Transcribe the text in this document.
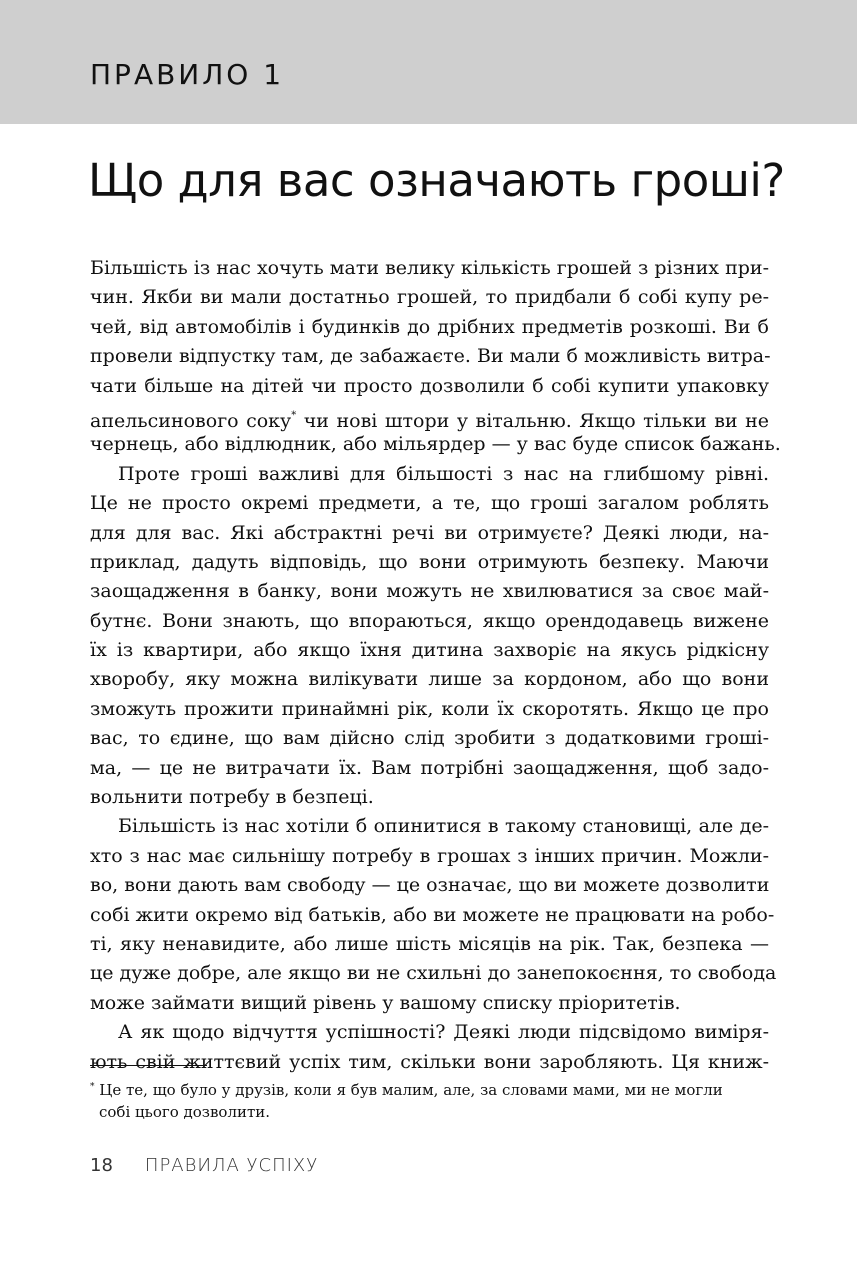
ПРАВИЛО 1
Що для вас означають гроші?
Більшість із нас хочуть мати велику кількість грошей з різних при-
чин. Якби ви мали достатньо грошей, то придбали б собі купу ре-
чей, від автомобілів і будинків до дрібних предметів розкоші. Ви б
провели відпустку там, де забажаєте. Ви мали б можливість витра-
чати більше на дітей чи просто дозволили б собі купити упаковку
апельсинового соку* чи нові штори у вітальню. Якщо тільки ви не
чернець, або відлюдник, або мільярдер — у вас буде список бажань.
Проте гроші важливі для більшості з нас на глибшому рівні.
Це не просто окремі предмети, а те, що гроші загалом роблять
для для вас. Які абстрактні речі ви отримуєте? Деякі люди, на-
приклад, дадуть відповідь, що вони отримують безпеку. Маючи
заощадження в банку, вони можуть не хвилюватися за своє май-
бутнє. Вони знають, що впораються, якщо орендодавець вижене
їх із квартири, або якщо їхня дитина захворіє на якусь рідкісну
хворобу, яку можна вилікувати лише за кордоном, або що вони
зможуть прожити принаймні рік, коли їх скоротять. Якщо це про
вас, то єдине, що вам дійсно слід зробити з додатковими гроші-
ма, — це не витрачати їх. Вам потрібні заощадження, щоб задо-
вольнити потребу в безпеці.
Більшість із нас хотіли б опинитися в такому становищі, але де-
хто з нас має сильнішу потребу в грошах з інших причин. Можли-
во, вони дають вам свободу — це означає, що ви можете дозволити
собі жити окремо від батьків, або ви можете не працювати на робо-
ті, яку ненавидите, або лише шість місяців на рік. Так, безпека —
це дуже добре, але якщо ви не схильні до занепокоєння, то свобода
може займати вищий рівень у вашому списку пріоритетів.
А як щодо відчуття успішності? Деякі люди підсвідомо виміря-
ють свій життєвий успіх тим, скільки вони заробляють. Ця книж-
* Це те, що було у друзів, коли я був малим, але, за словами мами, ми не могли
собі цього дозволити.
18 ПРАВИЛА УСПІХУ
